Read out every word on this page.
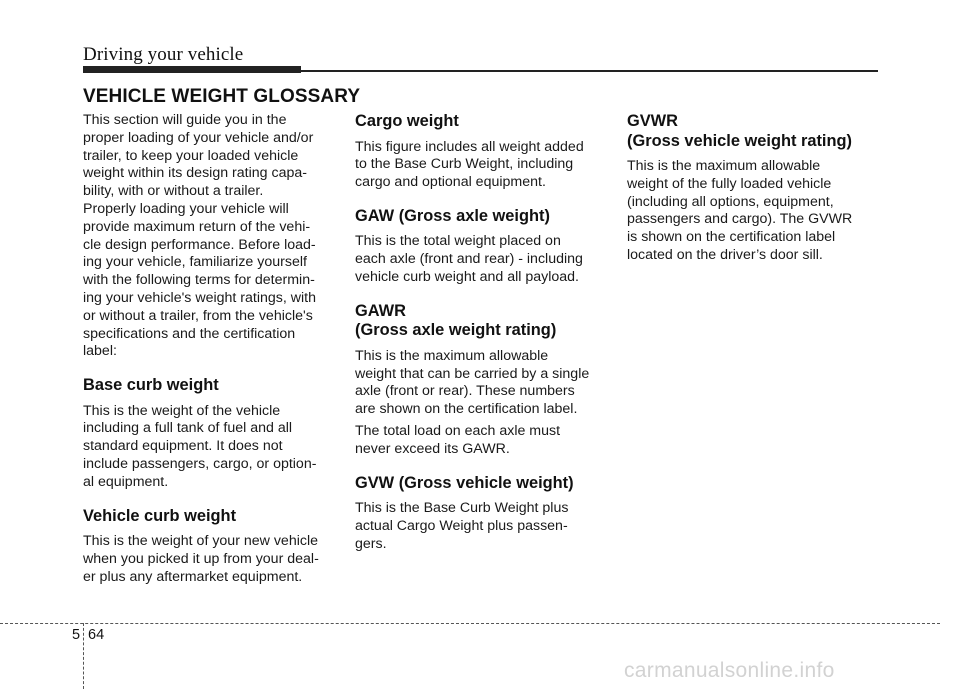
Driving your vehicle
VEHICLE WEIGHT GLOSSARY
This section will guide you in the
proper loading of your vehicle and/or
trailer, to keep your loaded vehicle
weight within its design rating capa-
bility, with or without a trailer.
Properly loading your vehicle will
provide maximum return of the vehi-
cle design performance. Before load-
ing your vehicle, familiarize yourself
with the following terms for determin-
ing your vehicle's weight ratings, with
or without a trailer, from the vehicle's
specifications and the certification
label:
Base curb weight
This is the weight of the vehicle
including a full tank of fuel and all
standard equipment. It does not
include passengers, cargo, or option-
al equipment.
Vehicle curb weight
This is the weight of your new vehicle
when you picked it up from your deal-
er plus any aftermarket equipment.
Cargo weight
This figure includes all weight added
to the Base Curb Weight, including
cargo and optional equipment.
GAW (Gross axle weight)
This is the total weight placed on
each axle (front and rear) - including
vehicle curb weight and all payload.
GAWR
(Gross axle weight rating)
This is the maximum allowable
weight that can be carried by a single
axle (front or rear). These numbers
are shown on the certification label.
The total load on each axle must
never exceed its GAWR.
GVW (Gross vehicle weight)
This is the Base Curb Weight plus
actual Cargo Weight plus passen-
gers.
GVWR
(Gross vehicle weight rating)
This is the maximum allowable
weight of the fully loaded vehicle
(including all options, equipment,
passengers and cargo). The GVWR
is shown on the certification label
located on the driver’s door sill.
5 64
carmanualsonline.info
